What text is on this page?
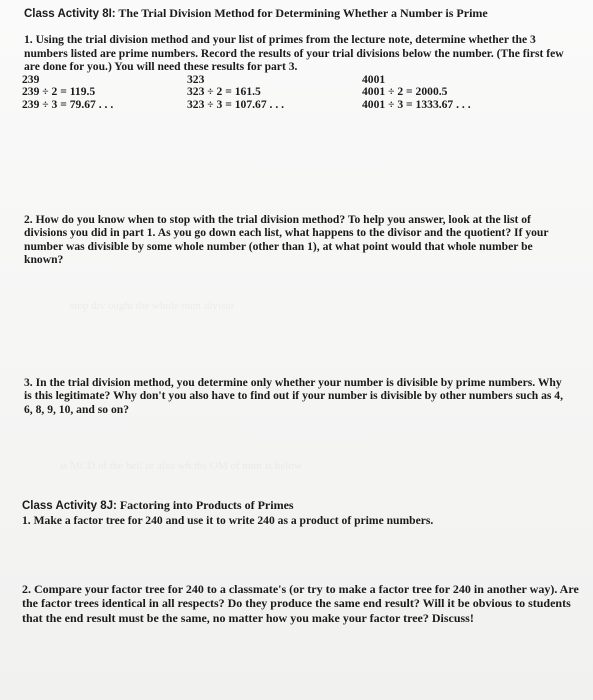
stop div ought the whole num divisor
is MCD of the bell or also wh the OM of num is below
Class Activity 8I: The Trial Division Method for Determining Whether a Number is Prime

1. Using the trial division method and your list of primes from the lecture note, determine whether the 3 numbers listed are prime numbers. Record the results of your trial divisions below the number. (The first few are done for you.) You will need these results for part 3.

239
239 ÷ 2 = 119.5
239 ÷ 3 = 79.67 . . .
323
323 ÷ 2 = 161.5
323 ÷ 3 = 107.67 . . .
4001
4001 ÷ 2 = 2000.5
4001 ÷ 3 = 1333.67 . . .

2. How do you know when to stop with the trial division method? To help you answer, look at the list of divisions you did in part 1. As you go down each list, what happens to the divisor and the quotient? If your number was divisible by some whole number (other than 1), at what point would that whole number be known?

3. In the trial division method, you determine only whether your number is divisible by prime numbers. Why is this legitimate? Why don't you also have to find out if your number is divisible by other numbers such as 4, 6, 8, 9, 10, and so on?

Class Activity 8J: Factoring into Products of Primes

1. Make a factor tree for 240 and use it to write 240 as a product of prime numbers.

2. Compare your factor tree for 240 to a classmate's (or try to make a factor tree for 240 in another way). Are the factor trees identical in all respects? Do they produce the same end result? Will it be obvious to students that the end result must be the same, no matter how you make your factor tree? Discuss!
